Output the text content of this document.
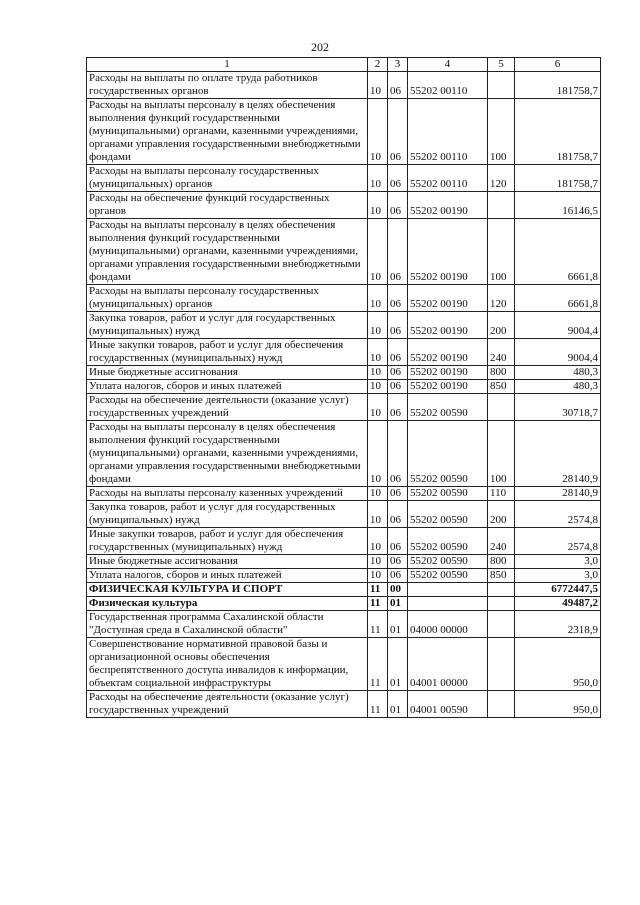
202
1	2	3	4	5	6
Расходы на выплаты по оплате труда работников государственных органов	10	06	55202 00110		181758,7
Расходы на выплаты персоналу в целях обеспечения выполнения функций государственными (муниципальными) органами, казенными учреждениями, органами управления государственными внебюджетными фондами	10	06	55202 00110	100	181758,7
Расходы на выплаты персоналу государственных (муниципальных) органов	10	06	55202 00110	120	181758,7
Расходы на обеспечение функций государственных органов	10	06	55202 00190		16146,5
Расходы на выплаты персоналу в целях обеспечения выполнения функций государственными (муниципальными) органами, казенными учреждениями, органами управления государственными внебюджетными фондами	10	06	55202 00190	100	6661,8
Расходы на выплаты персоналу государственных (муниципальных) органов	10	06	55202 00190	120	6661,8
Закупка товаров, работ и услуг для государственных (муниципальных) нужд	10	06	55202 00190	200	9004,4
Иные закупки товаров, работ и услуг для обеспечения государственных (муниципальных) нужд	10	06	55202 00190	240	9004,4
Иные бюджетные ассигнования	10	06	55202 00190	800	480,3
Уплата налогов, сборов и иных платежей	10	06	55202 00190	850	480,3
Расходы на обеспечение деятельности (оказание услуг) государственных учреждений	10	06	55202 00590		30718,7
Расходы на выплаты персоналу в целях обеспечения выполнения функций государственными (муниципальными) органами, казенными учреждениями, органами управления государственными внебюджетными фондами	10	06	55202 00590	100	28140,9
Расходы на выплаты персоналу казенных учреждений	10	06	55202 00590	110	28140,9
Закупка товаров, работ и услуг для государственных (муниципальных) нужд	10	06	55202 00590	200	2574,8
Иные закупки товаров, работ и услуг для обеспечения государственных (муниципальных) нужд	10	06	55202 00590	240	2574,8
Иные бюджетные ассигнования	10	06	55202 00590	800	3,0
Уплата налогов, сборов и иных платежей	10	06	55202 00590	850	3,0
ФИЗИЧЕСКАЯ КУЛЬТУРА И СПОРТ	11	00			6772447,5
Физическая культура	11	01			49487,2
Государственная программа Сахалинской области "Доступная среда в Сахалинской области"	11	01	04000 00000		2318,9
Совершенствование нормативной правовой базы и организационной основы обеспечения беспрепятственного доступа инвалидов к информации, объектам социальной инфраструктуры	11	01	04001 00000		950,0
Расходы на обеспечение деятельности (оказание услуг) государственных учреждений	11	01	04001 00590		950,0
